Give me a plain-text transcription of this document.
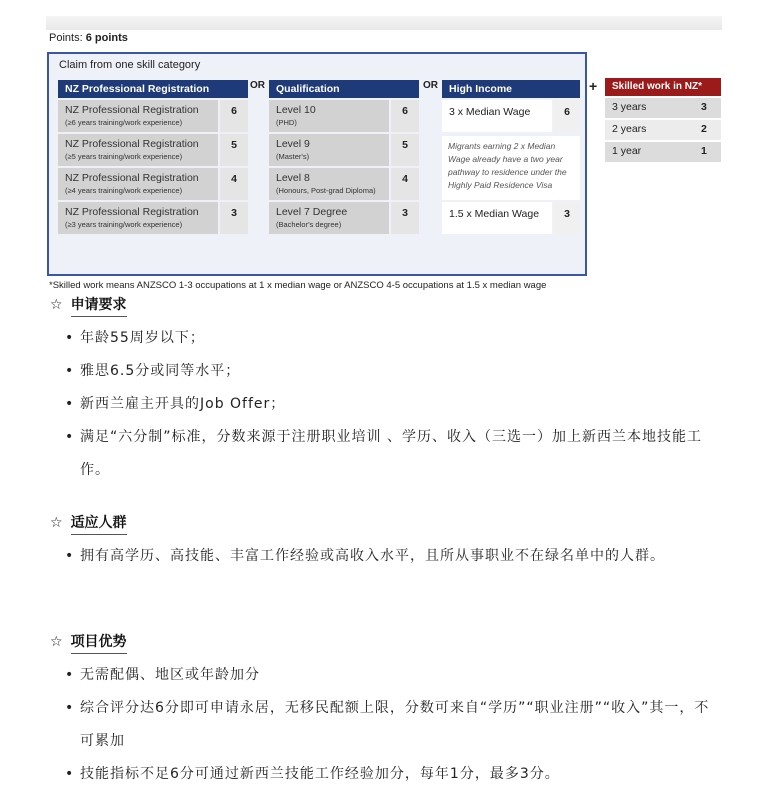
Points: 6 points
Claim from one skill category
NZ Professional Registration
NZ Professional Registration
(≥6 years training/work experience)
6
NZ Professional Registration
(≥5 years training/work experience)
5
NZ Professional Registration
(≥4 years training/work experience)
4
NZ Professional Registration
(≥3 years training/work experience)
3
OR	Qualification
Level 10
(PHD)
6
Level 9
(Master's)
5
Level 8
(Honours, Post-grad Diploma)
4
Level 7 Degree
(Bachelor's degree)
3
OR	High Income
3 x Median Wage	6
Migrants earning 2 x Median Wage already have a two year pathway to residence under the Highly Paid Residence Visa
1.5 x Median Wage	3
+	Skilled work in NZ*
3 years	3
2 years	2
1 year	1
*Skilled work means ANZSCO 1-3 occupations at 1 x median wage or ANZSCO 4-5 occupations at 1.5 x median wage
☆ 申请要求
• 年龄55周岁以下；
• 雅思6.5分或同等水平；
• 新西兰雇主开具的Job Offer；
• 满足“六分制”标准，分数来源于注册职业培训 、学历、收入（三选一）加上新西兰本地技能工作。
☆ 适应人群
• 拥有高学历、高技能、丰富工作经验或高收入水平，且所从事职业不在绿名单中的人群。
☆ 项目优势
• 无需配偶、地区或年龄加分
• 综合评分达6分即可申请永居，无移民配额上限，分数可来自“学历”“职业注册”“收入”其一，不可累加
• 技能指标不足6分可通过新西兰技能工作经验加分，每年1分，最多3分。
